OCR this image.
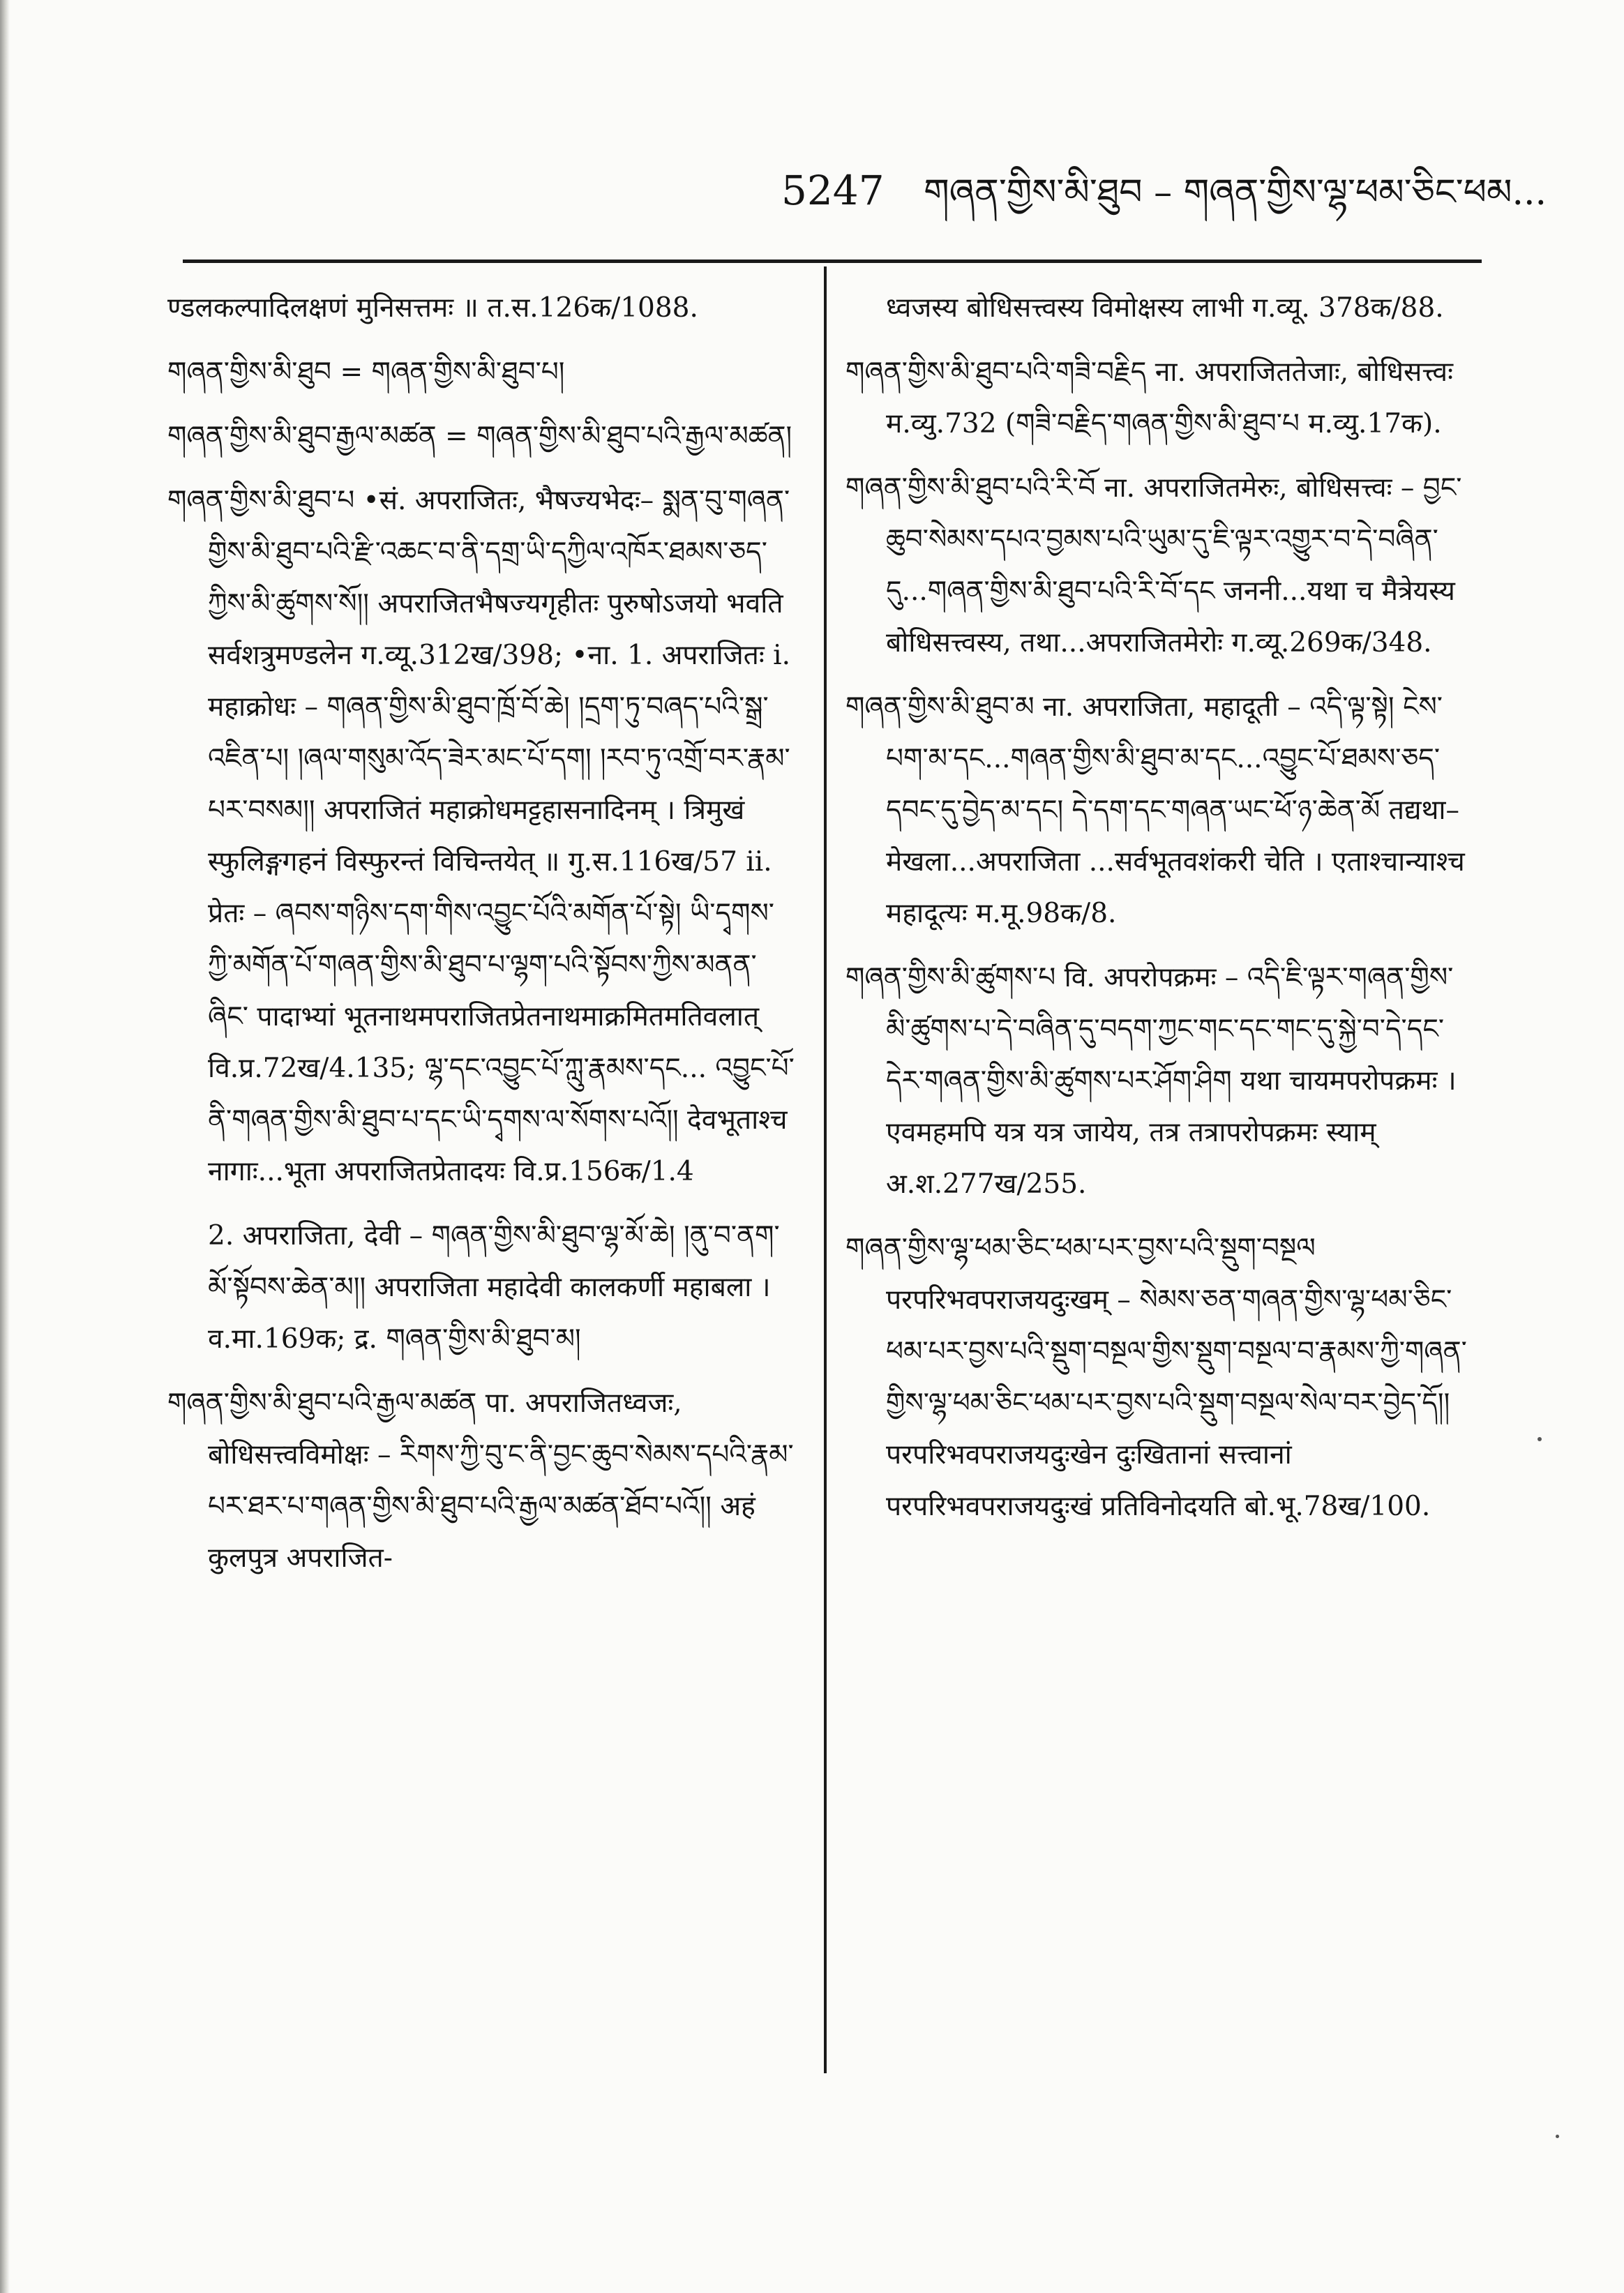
5247 གཞན་གྱིས་མི་ཐུབ – གཞན་གྱིས་ལྷ་ཕམ་ཅིང་ཕམ...
ण्डलकल्पादिलक्षणं मुनिसत्तमः ॥ त.स.126क/1088.
གཞན་གྱིས་མི་ཐུབ = གཞན་གྱིས་མི་ཐུབ་པ།
གཞན་གྱིས་མི་ཐུབ་རྒྱལ་མཚན = གཞན་གྱིས་མི་ཐུབ་པའི་རྒྱལ་མཚན།
གཞན་གྱིས་མི་ཐུབ་པ •सं. अपराजितः, भैषज्यभेदः– སྨན་བུ་གཞན་གྱིས་མི་ཐུབ་པའི་རྫི་འཆང་བ་ནི་དགྲ་ཡི་དཀྱིལ་འཁོར་ཐམས་ཅད་ཀྱིས་མི་ཚུགས་སོ།། अपराजितभैषज्यगृहीतः पुरुषोऽजयो भवति सर्वशत्रुमण्डलेन ग.व्यू.312ख/398; •ना. 1. अपराजितः i. महाक्रोधः – གཞན་གྱིས་མི་ཐུབ་ཁྲོ་བོ་ཆེ། །དྲག་ཏུ་བཞད་པའི་སྒྲ་འཇིན་པ། །ཞལ་གསུམ་འོད་ཟེར་མང་པོ་དག། །རབ་ཏུ་འགྲོ་བར་རྣམ་པར་བསམ།། अपराजितं महाक्रोधमट्टहासनादिनम् । त्रिमुखं स्फुलिङ्गगहनं विस्फुरन्तं विचिन्तयेत् ॥ गु.स.116ख/57 ii. प्रेतः – ཞབས་གཉིས་དག་གིས་འབྱུང་པོའི་མགོན་པོ་སྟེ། ཡི་དྭགས་ཀྱི་མགོན་པོ་གཞན་གྱིས་མི་ཐུབ་པ་ལྷག་པའི་སྟོབས་ཀྱིས་མནན་ཞིང་ पादाभ्यां भूतनाथमपराजितप्रेतनाथमाक्रमितमतिवलात् वि.प्र.72ख/4.135; ལྷ་དང་འབྱུང་པོ་ཀླུ་རྣམས་དང... འབྱུང་པོ་ནི་གཞན་གྱིས་མི་ཐུབ་པ་དང་ཡི་དྭགས་ལ་སོགས་པའོ།། देवभूताश्च नागाः...भूता अपराजितप्रेतादयः वि.प्र.156क/1.4
2. अपराजिता, देवी – གཞན་གྱིས་མི་ཐུབ་ལྷ་མོ་ཆེ། །ནུ་བ་ནག་མོ་སྟོབས་ཆེན་མ།། अपराजिता महादेवी कालकर्णी महाबला । व.मा.169क; द्र. གཞན་གྱིས་མི་ཐུབ་མ།
གཞན་གྱིས་མི་ཐུབ་པའི་རྒྱལ་མཚན पा. अपराजितध्वजः, बोधिसत्त्वविमोक्षः – རིགས་ཀྱི་བུ་ང་ནི་བྱང་ཆུབ་སེམས་དཔའི་རྣམ་པར་ཐར་པ་གཞན་གྱིས་མི་ཐུབ་པའི་རྒྱལ་མཚན་ཐོབ་པའོ།། अहं कुलपुत्र अपराजित-
ध्वजस्य बोधिसत्त्वस्य विमोक्षस्य लाभी ग.व्यू. 378क/88.
གཞན་གྱིས་མི་ཐུབ་པའི་གཟི་བརྗིད ना. अपराजिततेजाः, बोधिसत्त्वः म.व्यु.732 (གཟི་བརྗིད་གཞན་གྱིས་མི་ཐུབ་པ म.व्यु.17क).
གཞན་གྱིས་མི་ཐུབ་པའི་རི་བོ ना. अपराजितमेरुः, बोधिसत्त्वः – བྱང་ཆུབ་སེམས་དཔའ་བྱམས་པའི་ཡུམ་དུ་ཇི་ལྟར་འགྱུར་བ་དེ་བཞིན་དུ...གཞན་གྱིས་མི་ཐུབ་པའི་རི་བོ་དང जननी...यथा च मैत्रेयस्य बोधिसत्त्वस्य, तथा...अपराजितमेरोः ग.व्यू.269क/348.
གཞན་གྱིས་མི་ཐུབ་མ ना. अपराजिता, महादूती – འདི་ལྟ་སྟེ། ངེས་པག་མ་དང...གཞན་གྱིས་མི་ཐུབ་མ་དང...འབྱུང་པོ་ཐམས་ཅད་དབང་དུ་བྱེད་མ་དང། དེ་དག་དང་གཞན་ཡང་ཕོ་ཉ་ཆེན་མོ तद्यथा–मेखला...अपराजिता ...सर्वभूतवशंकरी चेति । एताश्चान्याश्च महादूत्यः म.मू.98क/8.
གཞན་གྱིས་མི་ཚུགས་པ वि. अपरोपक्रमः – འདི་ཇི་ལྟར་གཞན་གྱིས་མི་ཚུགས་པ་དེ་བཞིན་དུ་བདག་ཀྱང་གང་དང་གང་དུ་སྐྱེ་བ་དེ་དང་དེར་གཞན་གྱིས་མི་ཚུགས་པར་ཤོག་ཤིག यथा चायमपरोपक्रमः । एवमहमपि यत्र यत्र जायेय, तत्र तत्रापरोपक्रमः स्याम् अ.श.277ख/255.
གཞན་གྱིས་ལྷ་ཕམ་ཅིང་ཕམ་པར་བྱས་པའི་སྡུག་བསྔལ परपरिभवपराजयदुःखम् – སེམས་ཅན་གཞན་གྱིས་ལྷ་ཕམ་ཅིང་ཕམ་པར་བྱས་པའི་སྡུག་བསྔལ་གྱིས་སྡུག་བསྔལ་བ་རྣམས་ཀྱི་གཞན་གྱིས་ལྷ་ཕམ་ཅིང་ཕམ་པར་བྱས་པའི་སྡུག་བསྔལ་སེལ་བར་བྱེད་དོ།། परपरिभवपराजयदुःखेन दुःखितानां सत्त्वानां परपरिभवपराजयदुःखं प्रतिविनोदयति बो.भू.78ख/100.
